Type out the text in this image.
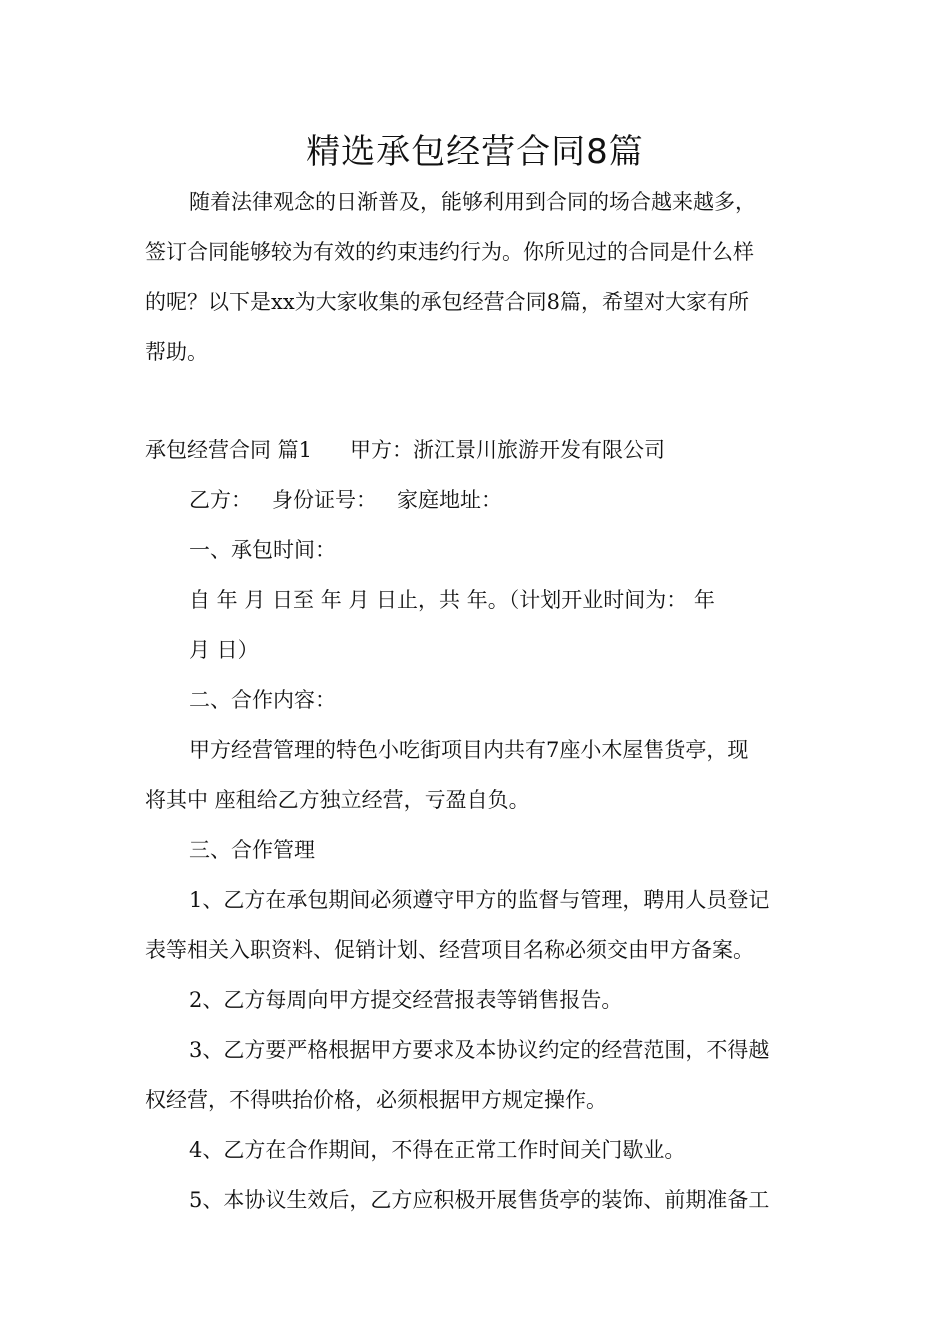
精选承包经营合同8篇
随着法律观念的日渐普及，能够利用到合同的场合越来越多，
签订合同能够较为有效的约束违约行为。你所见过的合同是什么样
的呢？以下是xx为大家收集的承包经营合同8篇，希望对大家有所
帮助。
承包经营合同 篇1 甲方：浙江景川旅游开发有限公司
乙方： 身份证号： 家庭地址：
一、承包时间：
自 年 月 日至 年 月 日止，共 年。（计划开业时间为： 年
月 日）
二、合作内容：
甲方经营管理的特色小吃街项目内共有7座小木屋售货亭，现
将其中 座租给乙方独立经营，亏盈自负。
三、合作管理
1、乙方在承包期间必须遵守甲方的监督与管理，聘用人员登记
表等相关入职资料、促销计划、经营项目名称必须交由甲方备案。
2、乙方每周向甲方提交经营报表等销售报告。
3、乙方要严格根据甲方要求及本协议约定的经营范围，不得越
权经营，不得哄抬价格，必须根据甲方规定操作。
4、乙方在合作期间，不得在正常工作时间关门歇业。
5、本协议生效后，乙方应积极开展售货亭的装饰、前期准备工
